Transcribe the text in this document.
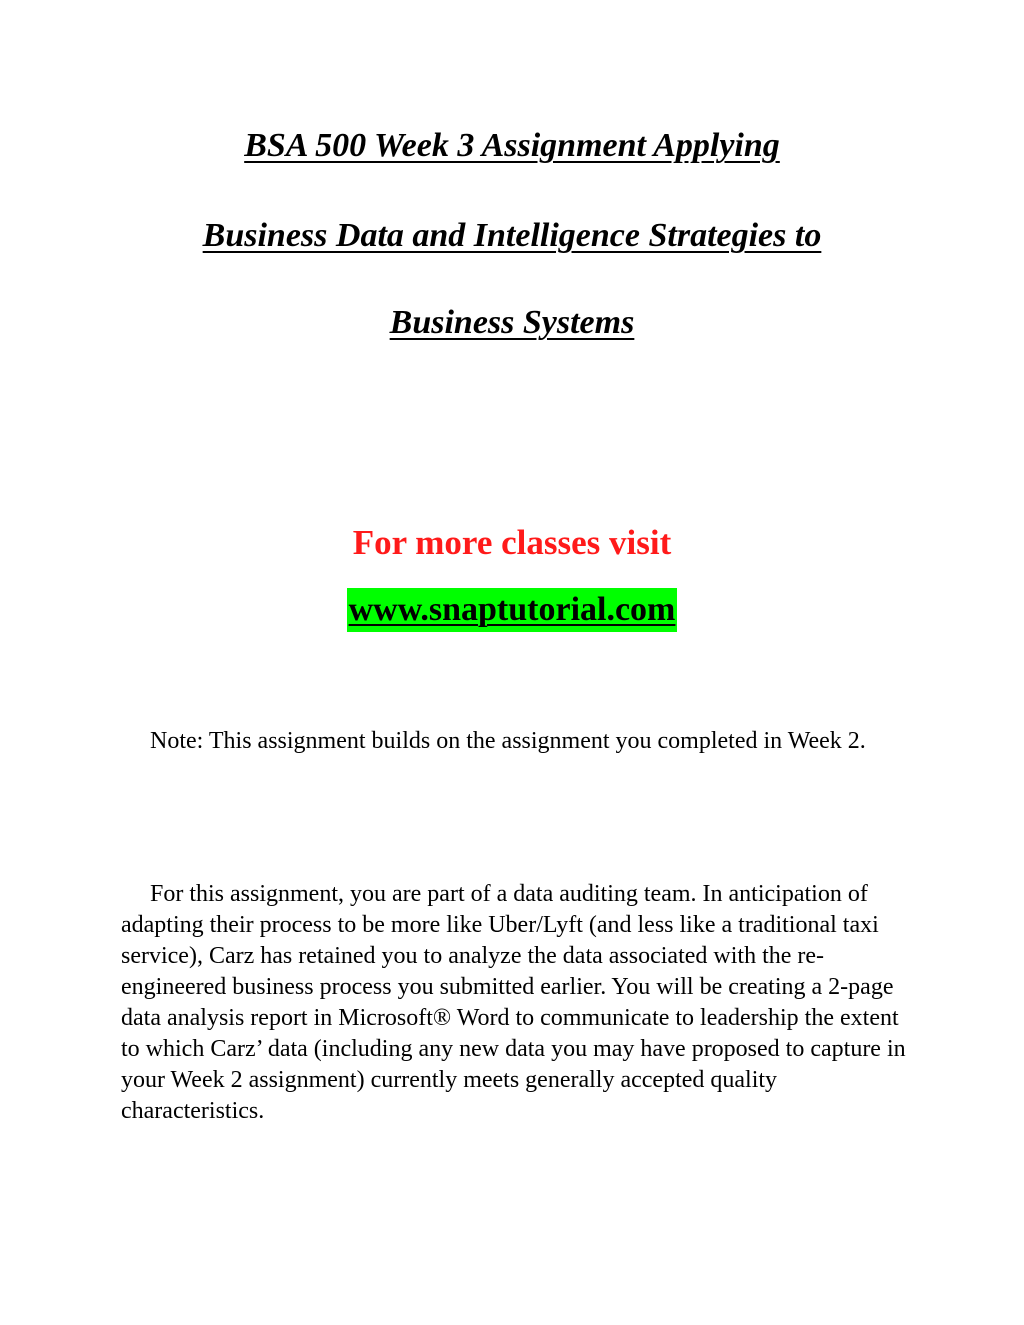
BSA 500 Week 3 Assignment Applying
Business Data and Intelligence Strategies to
Business Systems

For more classes visit

www.snaptutorial.com

Note: This assignment builds on the assignment you completed in Week 2.

For this assignment, you are part of a data auditing team. In anticipation of adapting their process to be more like Uber/Lyft (and less like a traditional taxi service), Carz has retained you to analyze the data associated with the re-engineered business process you submitted earlier. You will be creating a 2-page data analysis report in Microsoft® Word to communicate to leadership the extent to which Carz’ data (including any new data you may have proposed to capture in your Week 2 assignment) currently meets generally accepted quality characteristics.
